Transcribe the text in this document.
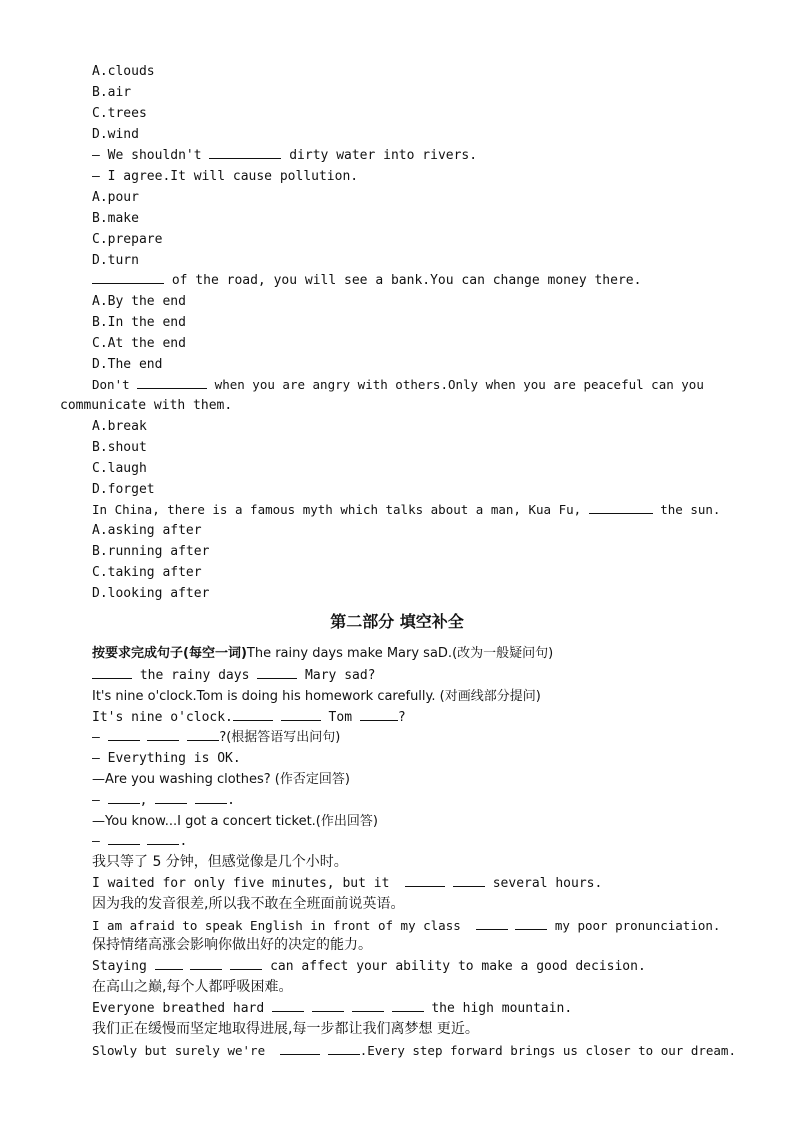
A.clouds
B.air
C.trees
D.wind
— We shouldn't	dirty water into rivers.
— I agree.It will cause pollution.
A.pour
B.make
C.prepare
D.turn
of the road, you will see a bank.You can change money there.
A.By the end
B.In the end
C.At the end
D.The end
Don't	when you are angry with others.Only when you are peaceful can you
communicate with them.
A.break
B.shout
C.laugh
D.forget
In China, there is a famous myth which talks about a man, Kua Fu,	the sun.
A.asking after
B.running after
C.taking after
D.looking after
第二部分 填空补全
按要求完成句子(每空一词)The rainy days make Mary saD.(改为一般疑问句)
the rainy days	Mary sad?
It's nine o'clock.Tom is doing his homework carefully. (对画线部分提问)
It's nine o'clock.	Tom	?
—	?(根据答语写出问句)
— Everything is OK.
—Are you washing clothes? (作否定回答)
— ,	.
—You know...I got a concert ticket.(作出回答)
—	.
我只等了 5 分钟，但感觉像是几个小时。
I waited for only five minutes, but it	several hours.
因为我的发音很差,所以我不敢在全班面前说英语。
I am afraid to speak English in front of my class	my poor pronunciation.
保持情绪高涨会影响你做出好的决定的能力。
Staying	can affect your ability to make a good decision.
在高山之巅,每个人都呼吸困难。
Everyone breathed hard	the high mountain.
我们正在缓慢而坚定地取得进展,每一步都让我们离梦想 更近。
Slowly but surely we're	.Every step forward brings us closer to our dream.
